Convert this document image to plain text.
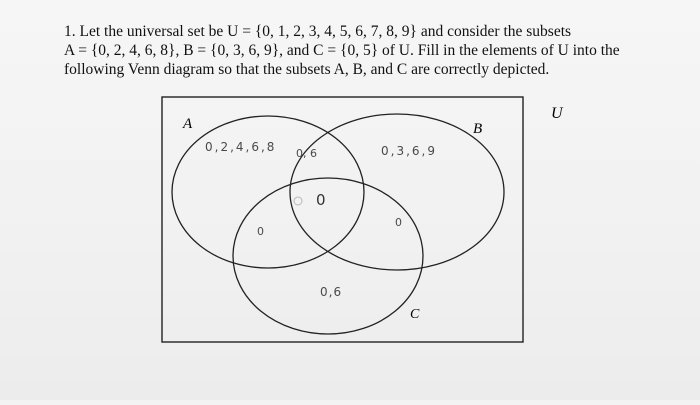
1. Let the universal set be U = {0, 1, 2, 3, 4, 5, 6, 7, 8, 9} and consider the subsets
A = {0, 2, 4, 6, 8}, B = {0, 3, 6, 9}, and C = {0, 5} of U. Fill in the elements of U into the
following Venn diagram so that the subsets A, B, and C are correctly depicted.
U
A	B
C
0,2,4,6,8 0, 6	0,3,6,9
0
0
0
0,6
